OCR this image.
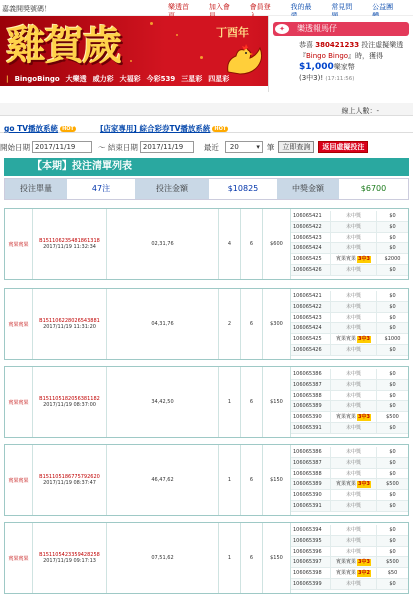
嘉義開獎號碼！	樂透首	加入會	會員登	我的最	常見問	公益團
雞賀歲	丁酉年
| BingoBingo 大樂透 威力彩 大福彩 今彩539 三星彩 四星彩
樂透報馬仔
✦
恭喜 380421233 投注虛擬樂透『Bingo Bingo』時，獲得$1,000樂家幣
(3中3)! (17:11:56)
線上人數：-
go TV播放系統 HOT	[店家專用] 綜合彩券TV播放系統 HOT
開始日期 2017/11/19	～ 結束日期 2017/11/19	最近	20 ▾	筆	立即查詢	返回虛擬投注
【本期】投注清單列表
投注單量	47注	投注金額	$10825	中獎金額	$6700
賓果賓果
B151106235481861318
2017/11/19 11:32:34	02,31,76	4	6	$600
106065421	未中獎	$0
106065422	未中獎	$0
106065423	未中獎	$0
106065424	未中獎	$0
106065425	賓果賓果 3中3	$2000
106065426	未中獎	$0
賓果賓果
B151106228026543881
2017/11/19 11:31:20	04,31,76	2	6	$300
106065421	未中獎	$0
106065422	未中獎	$0
106065423	未中獎	$0
106065424	未中獎	$0
106065425	賓果賓果 3中3	$1000
106065426	未中獎	$0
賓果賓果
B151105182056381182
2017/11/19 08:37:00	34,42,50	1	6	$150
106065386	未中獎	$0
106065387	未中獎	$0
106065388	未中獎	$0
106065389	未中獎	$0
106065390	賓果賓果 3中3	$500
106065391	未中獎	$0
賓果賓果
B151105186775792620
2017/11/19 08:37:47	46,47,62	1	6	$150
106065386	未中獎	$0
106065387	未中獎	$0
106065388	未中獎	$0
106065389	賓果賓果 3中3	$500
106065390	未中獎	$0
106065391	未中獎	$0
賓果賓果
B151105423359428258
2017/11/19 09:17:13	07,51,62	1	6	$150
106065394	未中獎	$0
106065395	未中獎	$0
106065396	未中獎	$0
106065397	賓果賓果 3中3	$500
106065398	賓果賓果 3中2	$50
106065399	未中獎	$0
